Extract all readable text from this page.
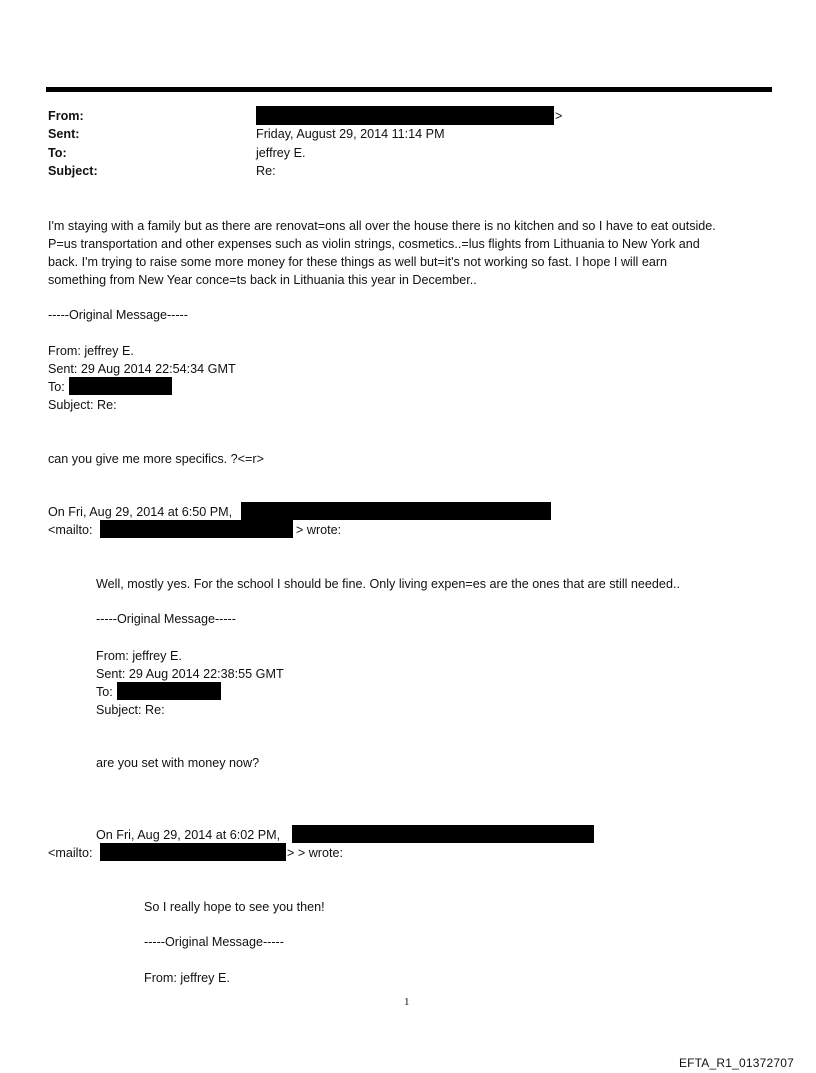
From:	>
Sent:	Friday, August 29, 2014 11:14 PM
To:	jeffrey E.
Subject:	Re:
I'm staying with a family but as there are renovat=ons all over the house there is no kitchen and so I have to eat outside.
P=us transportation and other expenses such as violin strings, cosmetics..=lus flights from Lithuania to New York and
back. I'm trying to raise some more money for these things as well but=it's not working so fast. I hope I will earn
something from New Year conce=ts back in Lithuania this year in December..
-----Original Message-----
From: jeffrey E.
Sent: 29 Aug 2014 22:54:34 GMT
To:
Subject: Re:
can you give me more specifics. ?<=r>
On Fri, Aug 29, 2014 at 6:50 PM,
<mailto:	> wrote:
Well, mostly yes. For the school I should be fine. Only living expen=es are the ones that are still needed..
-----Original Message-----
From: jeffrey E.
Sent: 29 Aug 2014 22:38:55 GMT
To:
Subject: Re:
are you set with money now?
On Fri, Aug 29, 2014 at 6:02 PM,
<mailto:	> > wrote:
So I really hope to see you then!
-----Original Message-----
From: jeffrey E.
1
EFTA_R1_01372707
